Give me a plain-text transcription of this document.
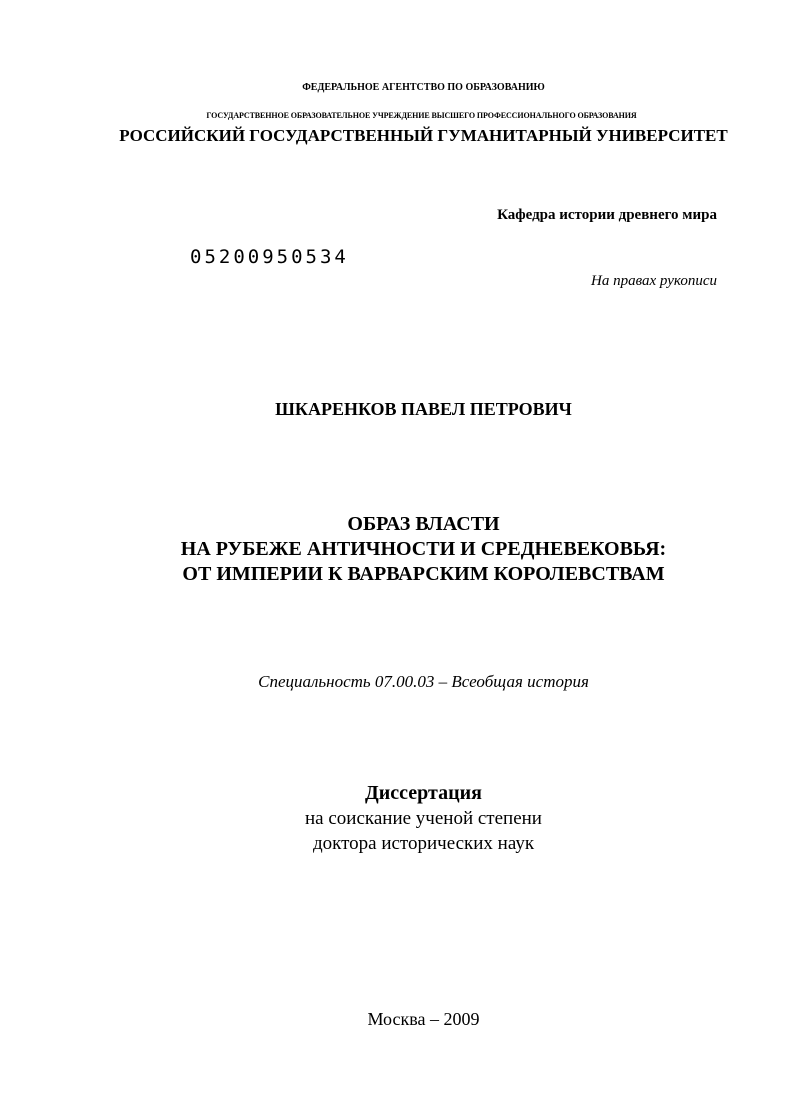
ФЕДЕРАЛЬНОЕ АГЕНТСТВО ПО ОБРАЗОВАНИЮ
ГОСУДАРСТВЕННОЕ ОБРАЗОВАТЕЛЬНОЕ УЧРЕЖДЕНИЕ ВЫСШЕГО ПРОФЕССИОНАЛЬНОГО ОБРАЗОВАНИЯ
РОССИЙСКИЙ ГОСУДАРСТВЕННЫЙ ГУМАНИТАРНЫЙ УНИВЕРСИТЕТ
Кафедра истории древнего мира
05200950534
На правах рукописи
ШКАРЕНКОВ ПАВЕЛ ПЕТРОВИЧ
ОБРАЗ ВЛАСТИ
НА РУБЕЖЕ АНТИЧНОСТИ И СРЕДНЕВЕКОВЬЯ:
ОТ ИМПЕРИИ К ВАРВАРСКИМ КОРОЛЕВСТВАМ
Специальность 07.00.03 – Всеобщая история
Диссертация
на соискание ученой степени
доктора исторических наук
Москва – 2009
